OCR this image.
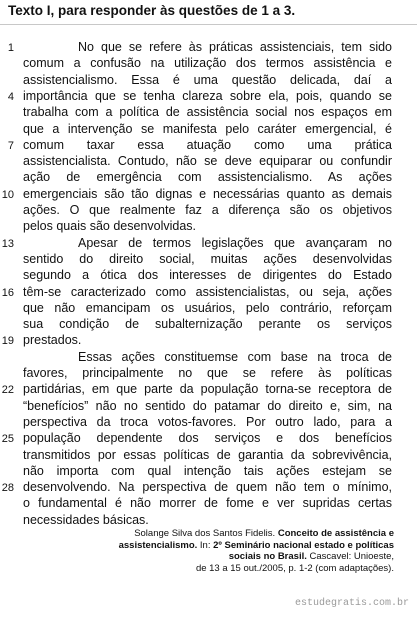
Texto I, para responder às questões de 1 a 3.
1
4
7
10
13
16
19
22
25
28
No que se refere às práticas assistenciais, tem sido
comum a confusão na utilização dos termos assistência e
assistencialismo. Essa é uma questão delicada, daí a
importância que se tenha clareza sobre ela, pois, quando se
trabalha com a política de assistência social nos espaços em
que a intervenção se manifesta pelo caráter emergencial, é
comum taxar essa atuação como uma prática
assistencialista. Contudo, não se deve equiparar ou confundir
ação de emergência com assistencialismo. As ações
emergenciais são tão dignas e necessárias quanto as demais
ações. O que realmente faz a diferença são os objetivos
pelos quais são desenvolvidas.
Apesar de termos legislações que avançaram no
sentido do direito social, muitas ações desenvolvidas
segundo a ótica dos interesses de dirigentes do Estado
têm-se caracterizado como assistencialistas, ou seja, ações
que não emancipam os usuários, pelo contrário, reforçam
sua condição de subalternização perante os serviços
prestados.
Essas ações constituemse com base na troca de
favores, principalmente no que se refere às políticas
partidárias, em que parte da população torna-se receptora de
“benefícios” não no sentido do patamar do direito e, sim, na
perspectiva da troca votos-favores. Por outro lado, para a
população dependente dos serviços e dos benefícios
transmitidos por essas políticas de garantia da sobrevivência,
não importa com qual intenção tais ações estejam se
desenvolvendo. Na perspectiva de quem não tem o mínimo,
o fundamental é não morrer de fome e ver supridas certas
necessidades básicas.
Solange Silva dos Santos Fidelis. Conceito de assistência e assistencialismo. In: 2º Seminário nacional estado e políticas sociais no Brasil. Cascavel: Unioeste,
de 13 a 15 out./2005, p. 1-2 (com adaptações).
estudegratis.com.br
